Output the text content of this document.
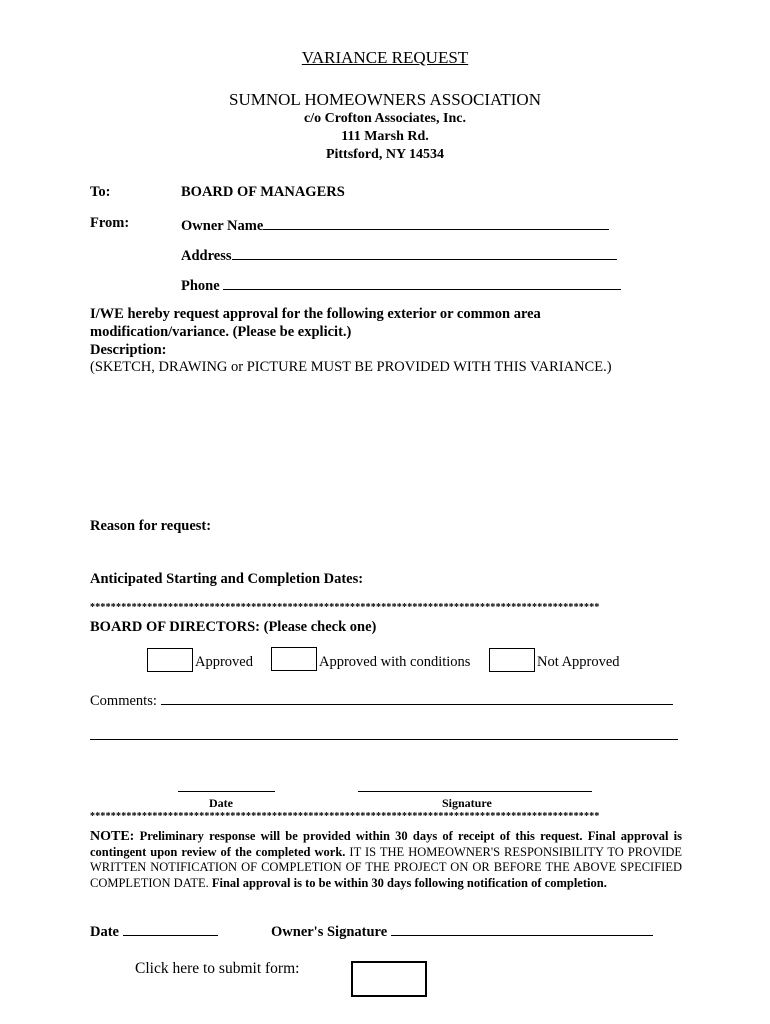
VARIANCE REQUEST
SUMNOL HOMEOWNERS ASSOCIATION
c/o Crofton Associates, Inc.
111 Marsh Rd.
Pittsford, NY 14534
To:	BOARD OF MANAGERS
From:	Owner Name
Address
Phone
I/WE hereby request approval for the following exterior or common area
modification/variance. (Please be explicit.)
Description:
(SKETCH, DRAWING or PICTURE MUST BE PROVIDED WITH THIS VARIANCE.)
Reason for request:
Anticipated Starting and Completion Dates:
**************************************************************************************************
BOARD OF DIRECTORS: (Please check one)
Approved	Approved with conditions	Not Approved
Comments:
Date	Signature
**************************************************************************************************
NOTE: Preliminary response will be provided within 30 days of receipt of this request. Final approval is contingent upon review of the completed work. IT IS THE HOMEOWNER'S RESPONSIBILITY TO PROVIDE WRITTEN NOTIFICATION OF COMPLETION OF THE PROJECT ON OR BEFORE THE ABOVE SPECIFIED COMPLETION DATE. Final approval is to be within 30 days following notification of completion.
Date	Owner's Signature
Click here to submit form:
